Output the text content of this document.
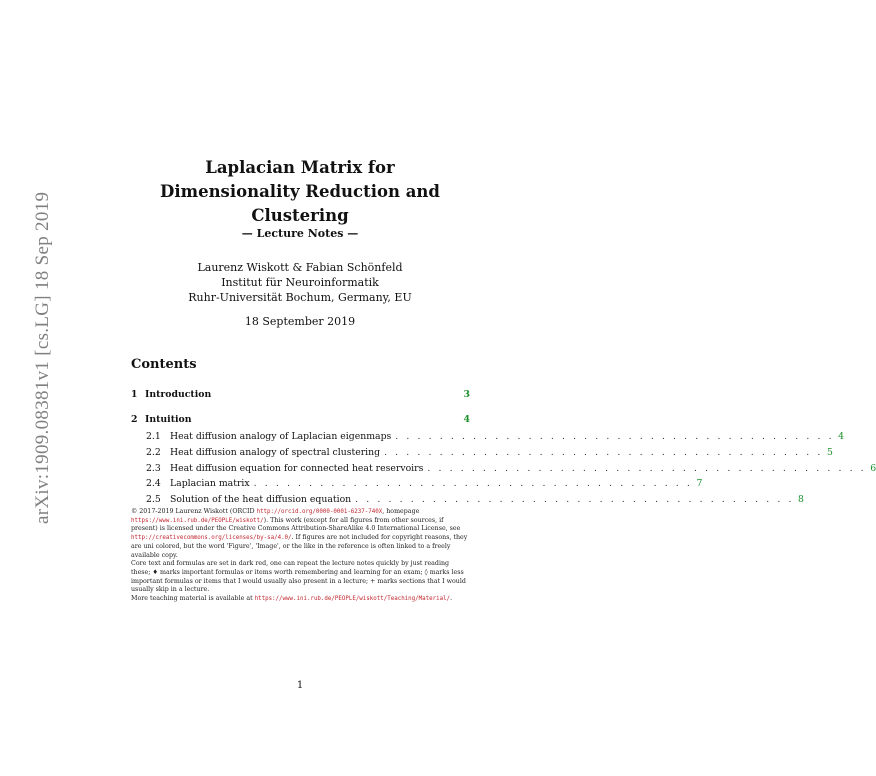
arXiv:1909.08381v1 [cs.LG] 18 Sep 2019
Laplacian Matrix for
Dimensionality Reduction and
Clustering
— Lecture Notes —
Laurenz Wiskott & Fabian Schönfeld
Institut für Neuroinformatik
Ruhr-Universität Bochum, Germany, EU
18 September 2019
Contents
1 Introduction	3
2 Intuition	4
2.1 Heat diffusion analogy of Laplacian eigenmaps . . . . . . . . . . . . . . . . . . . . . . . . . . . . . . . . . . . . . . . . 4
2.2 Heat diffusion analogy of spectral clustering . . . . . . . . . . . . . . . . . . . . . . . . . . . . . . . . . . . . . . . . 5
2.3 Heat diffusion equation for connected heat reservoirs . . . . . . . . . . . . . . . . . . . . . . . . . . . . . . . . . . . . . . . . 6
2.4 Laplacian matrix . . . . . . . . . . . . . . . . . . . . . . . . . . . . . . . . . . . . . . . . 7
2.5 Solution of the heat diffusion equation . . . . . . . . . . . . . . . . . . . . . . . . . . . . . . . . . . . . . . . . 8

© 2017-2019 Laurenz Wiskott (ORCID http://orcid.org/0000-0001-6237-740X, homepage https://www.ini.rub.de/PEOPLE/wiskott/). This work (except for all figures from other sources, if present) is licensed under the Creative Commons Attribution-ShareAlike 4.0 International License, see http://creativecommons.org/licenses/by-sa/4.0/. If figures are not included for copyright reasons, they are uni colored, but the word 'Figure', 'Image', or the like in the reference is often linked to a freely available copy.

Core text and formulas are set in dark red, one can repeat the lecture notes quickly by just reading these; ♦ marks important formulas or items worth remembering and learning for an exam; ◊ marks less important formulas or items that I would usually also present in a lecture; + marks sections that I would usually skip in a lecture.

More teaching material is available at https://www.ini.rub.de/PEOPLE/wiskott/Teaching/Material/.

1
